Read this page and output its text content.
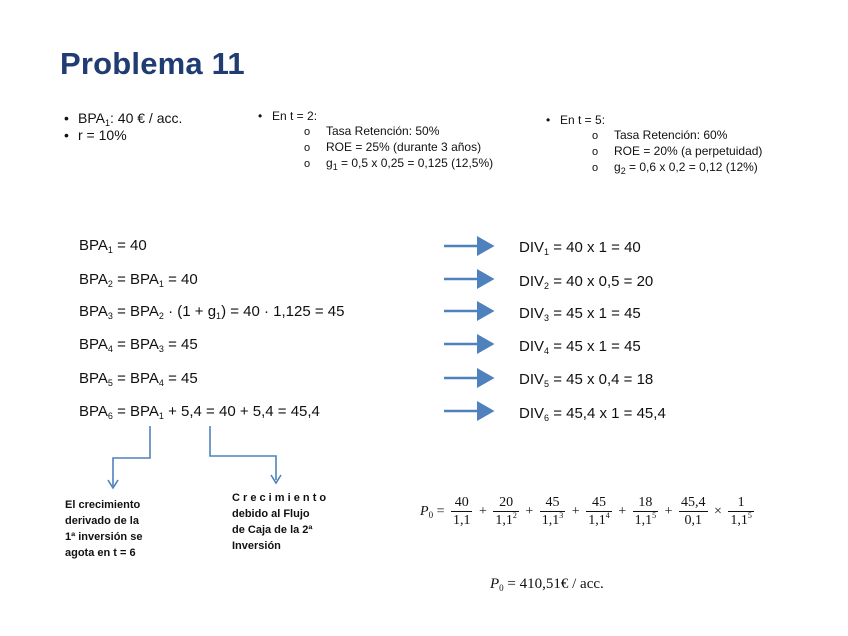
Problema 11
• $BPA_1$: 40 € / acc.
• r = 10%
• En t = 2:
o Tasa Retención: 50%
o ROE = 25% (durante 3 años)
o $g_1 = 0,5$ x 0,25 = 0,125 (12,5%)
• En t = 5:
o Tasa Retención: 60%
o ROE = 20% (a perpetuidad)
o $g_2 = 0,6$ x 0,2 = 0,12 (12%)
$BPA_1 = 40$
$BPA_2 = BPA_1 = 40$
$BPA_3 = BPA_2 \cdot (1 + g_1) = 40 \cdot 1,125 = 45$
$BPA_4 = BPA_3 = 45$
$BPA_5 = BPA_4 = 45$
$BPA_6 = BPA_1 + 5,4 = 40 + 5,4 = 45,4$
$DIV_1 = 40$ x 1 = 40
$DIV_2 = 40$ x 0,5 = 20
$DIV_3 = 45$ x 1 = 45
$DIV_4 = 45$ x 1 = 45
$DIV_5 = 45$ x 0,4 = 18
$DIV_6 = 45,4$ x 1 = 45,4
El crecimiento
derivado de la
1ª inversión se
agota en t = 6
C r e c i m i e n t o
debido al Flujo
de Caja de la 2ª
Inversión
$P_0 = \frac{40}{1,1} + \frac{20}{1,1^2} + \frac{45}{1,1^3} + \frac{45}{1,1^4} + \frac{18}{1,1^5} + \frac{45,4}{0,1} \times \frac{1}{1,1^5}$
$P_0$ = 410,51€ / acc.
